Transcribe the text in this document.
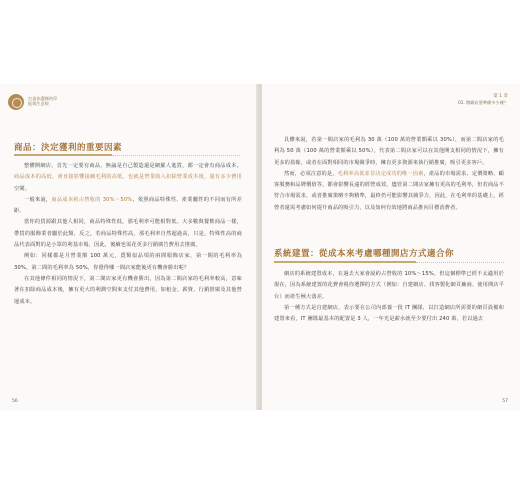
打造你選擇的印
能與生意經
商品：決定獲利的重要因素

整體開網店，首先一定要有商品，無論是自己製造還是網羅人進貨，都一定會有商品成本。商品成本的高低，會直接影響接續毛利的高低，也就是營業收入扣除營業成本後，還有多少費用空間。

一般來說，商品成本約占營收的 30%～50%，依照商品特殊性、產業屬性的不同而有所差距。

當你的貨源跟其他人相同，商品特殊性低，那毛利率可能相對低。大多數與餐飲商品一樣，帶貨的服飾業者屬於此類，反之，若商品特殊性高，那毛利率自然超過高，只是，特殊性高的商品代表面對的是小眾的利基市場，因此，後續也需花更多行銷廣告費用去推廣。

例如：同樣都是月營業額 100 萬元，賣類似品項的兩間服飾店家，第一間的毛利率為 30%，第二間的毛利率為 50%，你覺得哪一間店家能後更有機會勝出呢？

在其他條件相同的情況下，第二間店家更有機會勝出。因為第二間店家的毛利率較高，意味著在扣除商品成本後，擁有更大的利潤空間來支付其他費用，如租金、薪資、行銷推廣及其他營運成本。

56
第 1 章
01. 開網店要準備多少錢？

具體來說，若第一間店家的毛利為 30 萬（100 萬的營業額乘以 30%），而第二間店家的毛利為 50 萬（100 萬的營業額乘以 50%），代表第二間店家可以在其他開支相同的情況下，擁有更多的盈餘，或者在面對相同的市場競爭時，擁有更多資源來執行銷推廣，吸引更多客戶。

然而，必須注意的是，毛利率高低並非決定成功的唯一因素，產品的市場需求、定價策略、顧客服務和品牌價值等，都會影響長遠的經營成效。儘管第二間店家擁有更高的毛利率，但若商品不符合市場需求，或者推廣策略不夠精準，最終仍可能影響其競爭力，因此，在毛利率的基礎上，經營者還需考慮如何提升商品的吸引力，以及如何有效地將商品推向目標消費者。

系統建置：從成本來考慮哪種開店方式適合你

網店的系統建置成本，在過去大家會說約占營收的 10%～15%，但這個標準已經不太適用於現在，因為系統建置的花費會視你選擇的方式（例如：自建網店、找客製化網頁廠商、使用開店平台）而產生極大落差。

第一種方式是自建網店，表示要在公司內部養一批 IT 團隊，以打造網店所需要的網頁設備和建置來看，IT 團隊最基本的配置是 3 人，一年光是薪水就至少要付出 240 萬，若以過去

57
